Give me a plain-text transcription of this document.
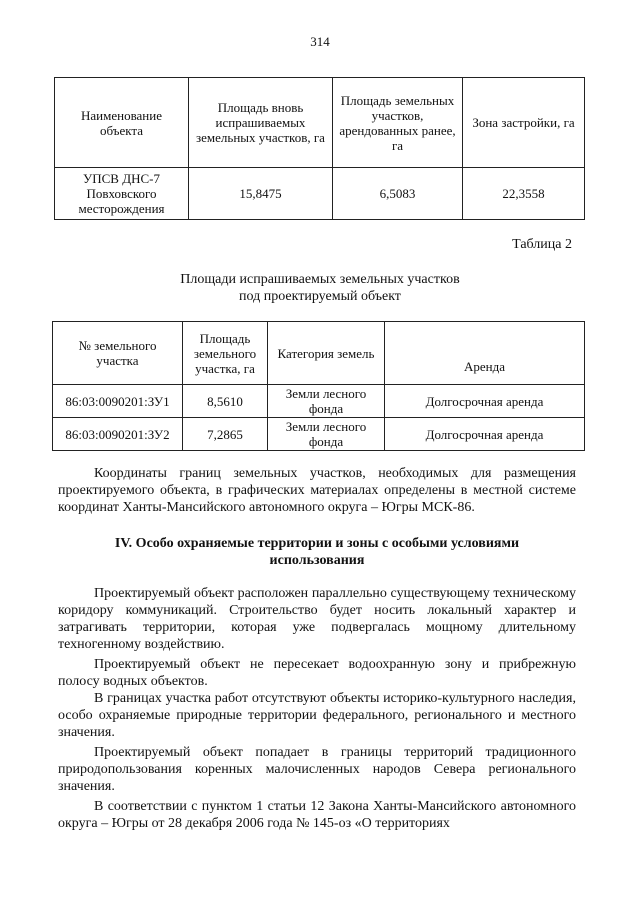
314
Наименование объекта	Площадь вновь испрашиваемых земельных участков, га	Площадь земельных участков, арендованных ранее, га	Зона застройки, га
УПСВ ДНС-7 Повховского месторождения	15,8475	6,5083	22,3558
Таблица 2
Площади испрашиваемых земельных участков
под проектируемый объект
№ земельного участка	Площадь земельного участка, га	Категория земель	Аренда
86:03:0090201:ЗУ1	8,5610	Земли лесного фонда	Долгосрочная аренда
86:03:0090201:ЗУ2	7,2865	Земли лесного фонда	Долгосрочная аренда
Координаты границ земельных участков, необходимых для размещения проектируемого объекта, в графических материалах определены в местной системе координат Ханты-Мансийского автономного округа – Югры МСК-86.
IV. Особо охраняемые территории и зоны с особыми условиями
использования
Проектируемый объект расположен параллельно существующему техническому коридору коммуникаций. Строительство будет носить локальный характер и затрагивать территории, которая уже подвергалась мощному длительному техногенному воздействию.
Проектируемый объект не пересекает водоохранную зону и прибрежную полосу водных объектов.
В границах участка работ отсутствуют объекты историко-культурного наследия, особо охраняемые природные территории федерального, регионального и местного значения.
Проектируемый объект попадает в границы территорий традиционного природопользования коренных малочисленных народов Севера регионального значения.
В соответствии с пунктом 1 статьи 12 Закона Ханты-Мансийского автономного округа – Югры от 28 декабря 2006 года № 145-оз «О территориях
